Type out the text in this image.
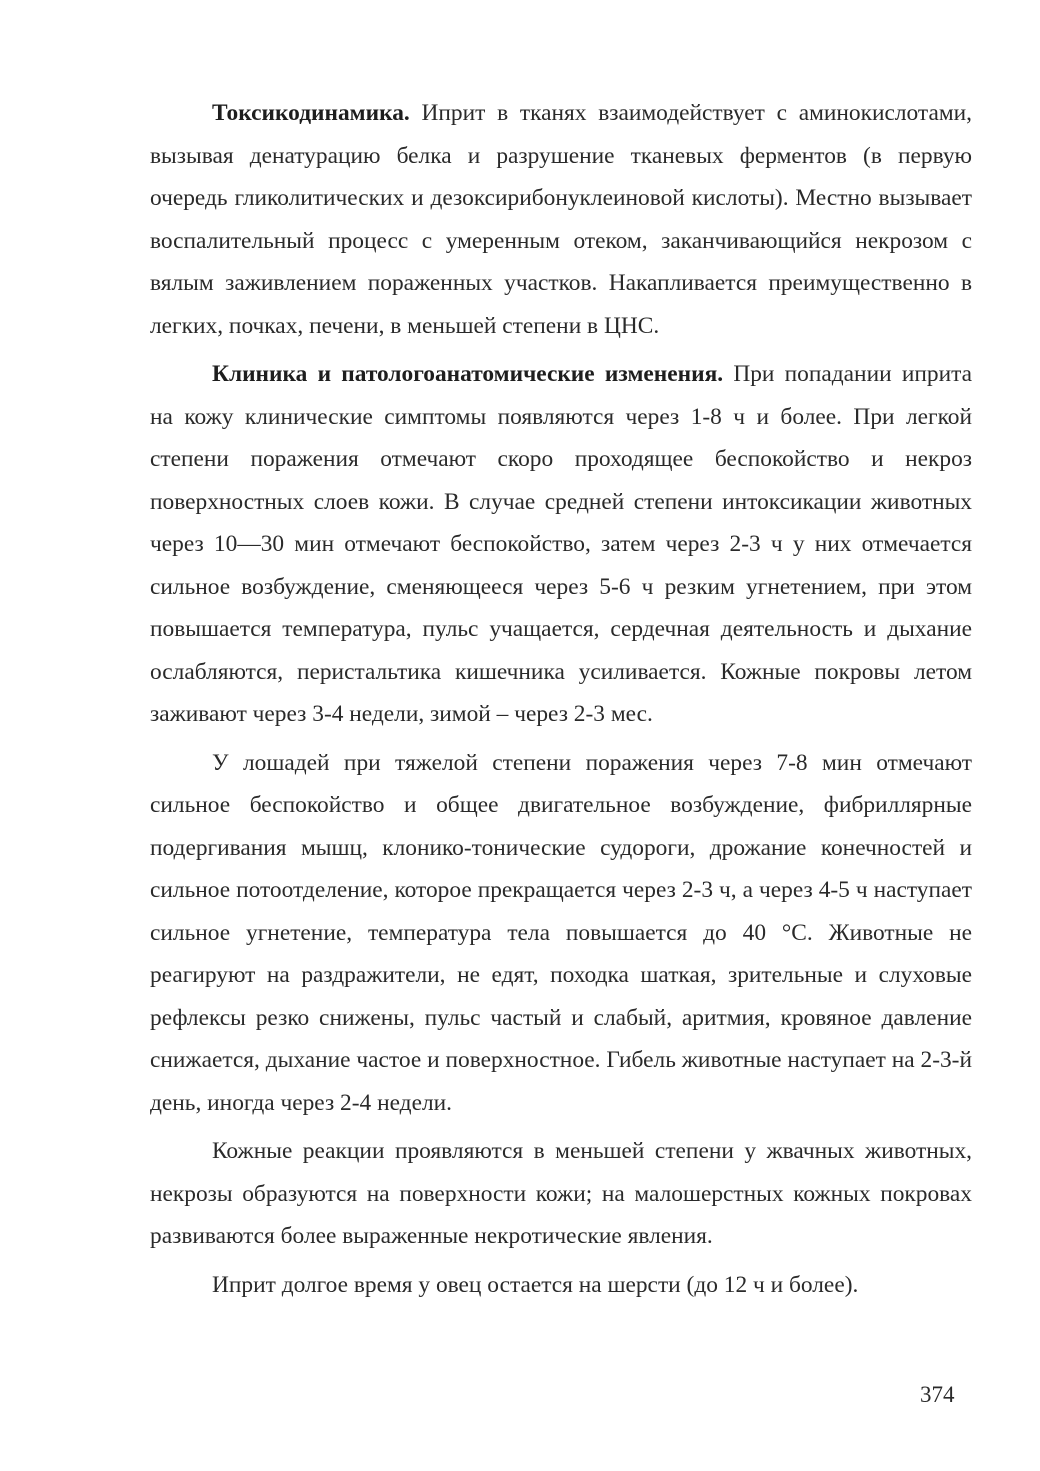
Токсикодинамика. Иприт в тканях взаимодействует с аминокислотами, вызывая денатурацию белка и разрушение тканевых ферментов (в первую очередь гликолитических и дезоксирибонуклеиновой кислоты). Местно вызывает воспалительный процесс с умеренным отеком, заканчивающийся некрозом с вялым заживлением пораженных участков. Накапливается преимущественно в легких, почках, печени, в меньшей степени в ЦНС.

Клиника и патологоанатомические изменения. При попадании иприта на кожу клинические симптомы появляются через 1-8 ч и более. При легкой степени поражения отмечают скоро проходящее беспокойство и некроз поверхностных слоев кожи. В случае средней степени интоксикации животных через 10—30 мин отмечают беспокойство, затем через 2-3 ч у них отмечается сильное возбуждение, сменяющееся через 5-6 ч резким угнетением, при этом повышается температура, пульс учащается, сердечная деятельность и дыхание ослабляются, перистальтика кишечника усиливается. Кожные покровы летом заживают через 3-4 недели, зимой – через 2-3 мес.

У лошадей при тяжелой степени поражения через 7-8 мин отмечают сильное беспокойство и общее двигательное возбуждение, фибриллярные подергивания мышц, клонико-тонические судороги, дрожание конечностей и сильное потоотделение, которое прекращается через 2-3 ч, а через 4-5 ч наступает сильное угнетение, температура тела повышается до 40 °С. Животные не реагируют на раздражители, не едят, походка шаткая, зрительные и слуховые рефлексы резко снижены, пульс частый и слабый, аритмия, кровяное давление снижается, дыхание частое и поверхностное. Гибель животные наступает на 2-3-й день, иногда через 2-4 недели.

Кожные реакции проявляются в меньшей степени у жвачных животных, некрозы образуются на поверхности кожи; на малошерстных кожных покровах развиваются более выраженные некротические явления.

Иприт долгое время у овец остается на шерсти (до 12 ч и более).

374
